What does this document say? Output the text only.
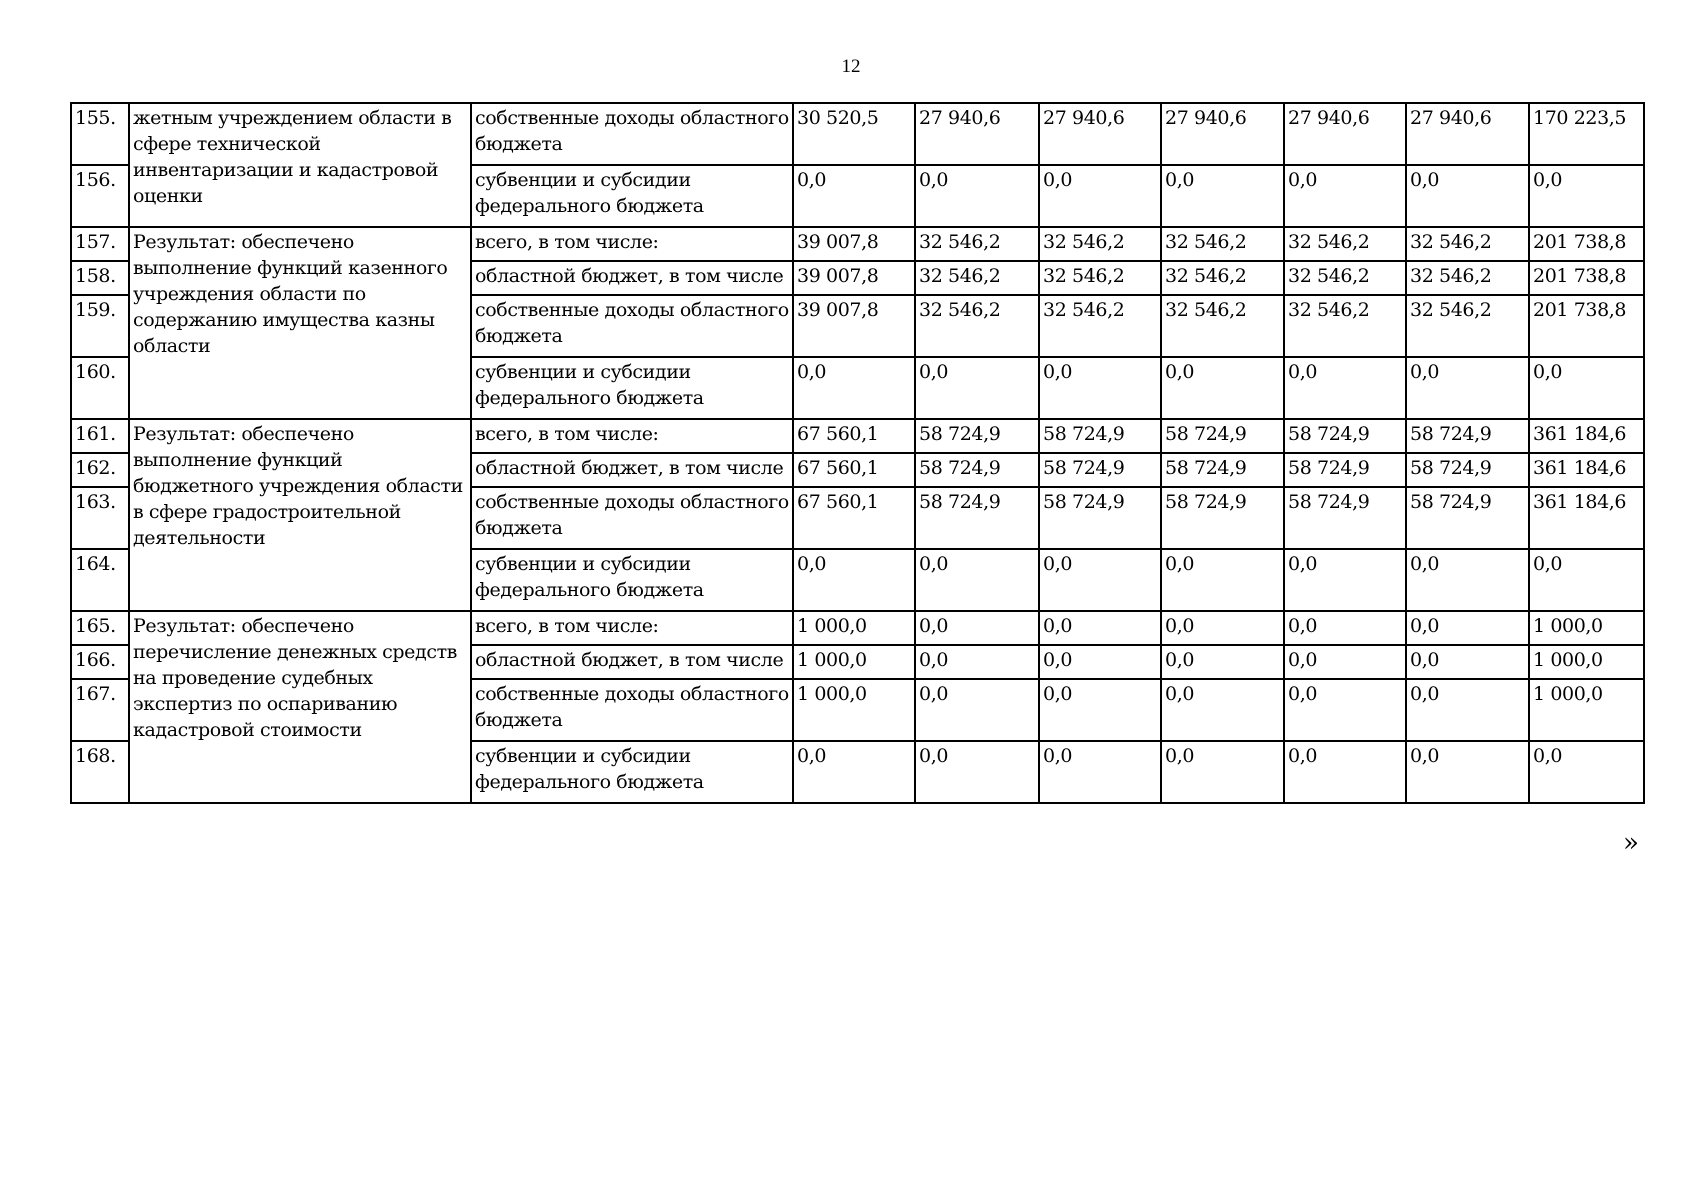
12
155.	жетным учреждением области в сфере технической инвентаризации и кадастровой оценки	собственные доходы областного бюджета	30 520,5	27 940,6	27 940,6	27 940,6	27 940,6	27 940,6	170 223,5
156.		субвенции и субсидии федерального бюджета	0,0	0,0	0,0	0,0	0,0	0,0	0,0
157.	Результат: обеспечено выполнение функций казенного учреждения области по содержанию имущества казны области	всего, в том числе:	39 007,8	32 546,2	32 546,2	32 546,2	32 546,2	32 546,2	201 738,8
158.		областной бюджет, в том числе	39 007,8	32 546,2	32 546,2	32 546,2	32 546,2	32 546,2	201 738,8
159.		собственные доходы областного бюджета	39 007,8	32 546,2	32 546,2	32 546,2	32 546,2	32 546,2	201 738,8
160.		субвенции и субсидии федерального бюджета	0,0	0,0	0,0	0,0	0,0	0,0	0,0
161.	Результат: обеспечено выполнение функций бюджетного учреждения области в сфере градостроительной деятельности	всего, в том числе:	67 560,1	58 724,9	58 724,9	58 724,9	58 724,9	58 724,9	361 184,6
162.		областной бюджет, в том числе	67 560,1	58 724,9	58 724,9	58 724,9	58 724,9	58 724,9	361 184,6
163.		собственные доходы областного бюджета	67 560,1	58 724,9	58 724,9	58 724,9	58 724,9	58 724,9	361 184,6
164.		субвенции и субсидии федерального бюджета	0,0	0,0	0,0	0,0	0,0	0,0	0,0
165.	Результат: обеспечено перечисление денежных средств на проведение судебных экспертиз по оспариванию кадастровой стоимости	всего, в том числе:	1 000,0	0,0	0,0	0,0	0,0	0,0	1 000,0
166.		областной бюджет, в том числе	1 000,0	0,0	0,0	0,0	0,0	0,0	1 000,0
167.		собственные доходы областного бюджета	1 000,0	0,0	0,0	0,0	0,0	0,0	1 000,0
168.		субвенции и субсидии федерального бюджета	0,0	0,0	0,0	0,0	0,0	0,0	0,0
»
